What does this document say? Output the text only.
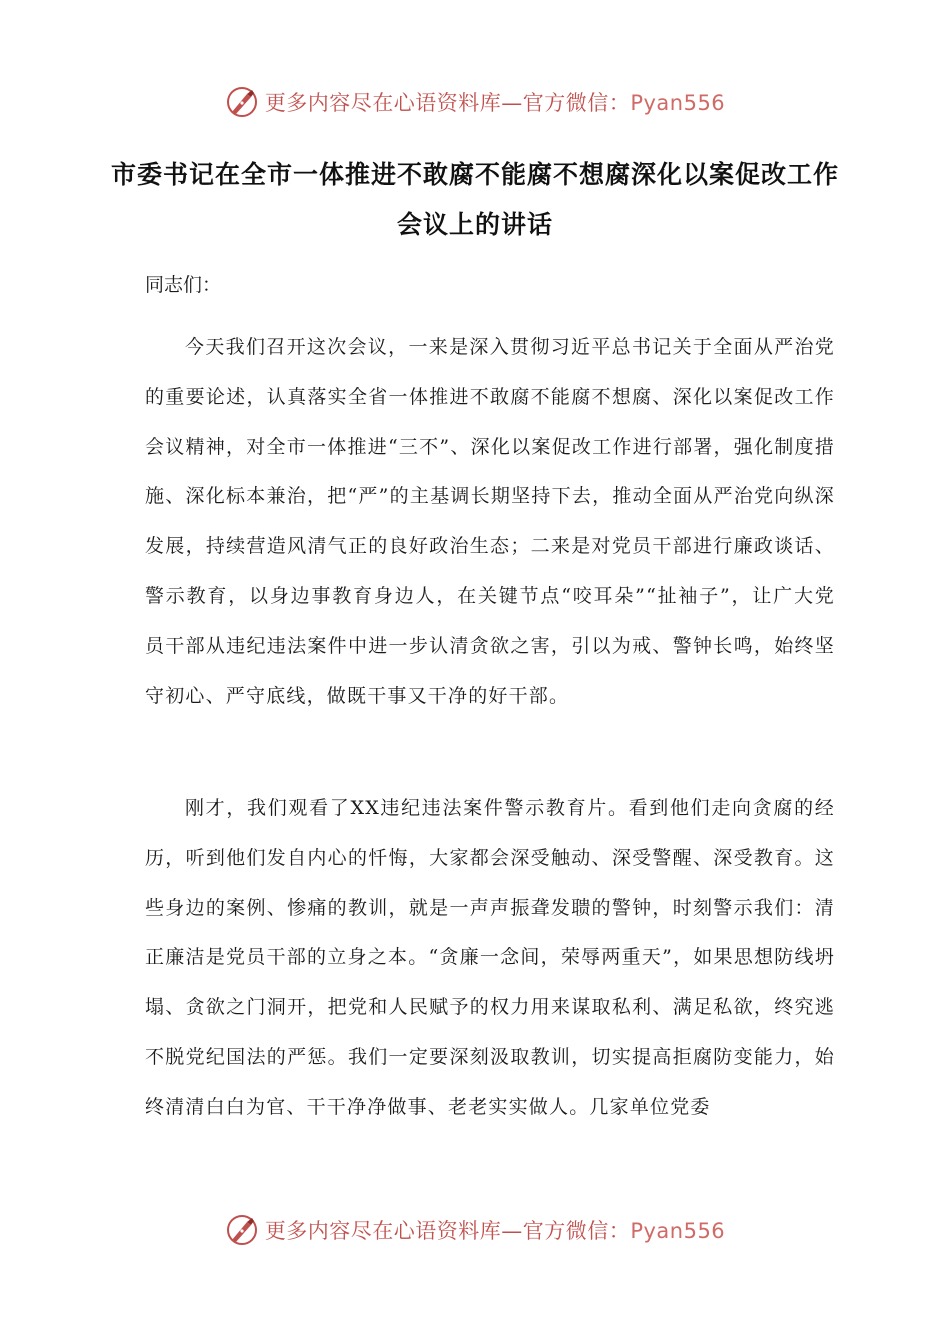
更多内容尽在心语资料库—官方微信：Pyan556
市委书记在全市一体推进不敢腐不能腐不想腐深化以案促改工作会议上的讲话
同志们：
今天我们召开这次会议，一来是深入贯彻习近平总书记关于全面从严治党的重要论述，认真落实全省一体推进不敢腐不能腐不想腐、深化以案促改工作会议精神，对全市一体推进“三不”、深化以案促改工作进行部署，强化制度措施、深化标本兼治，把“严”的主基调长期坚持下去，推动全面从严治党向纵深发展，持续营造风清气正的良好政治生态；二来是对党员干部进行廉政谈话、警示教育，以身边事教育身边人，在关键节点“咬耳朵”“扯袖子”，让广大党员干部从违纪违法案件中进一步认清贪欲之害，引以为戒、警钟长鸣，始终坚守初心、严守底线，做既干事又干净的好干部。
刚才，我们观看了XX违纪违法案件警示教育片。看到他们走向贪腐的经历，听到他们发自内心的忏悔，大家都会深受触动、深受警醒、深受教育。这些身边的案例、惨痛的教训，就是一声声振聋发聩的警钟，时刻警示我们：清正廉洁是党员干部的立身之本。“贪廉一念间，荣辱两重天”，如果思想防线坍塌、贪欲之门洞开，把党和人民赋予的权力用来谋取私利、满足私欲，终究逃不脱党纪国法的严惩。我们一定要深刻汲取教训，切实提高拒腐防变能力，始终清清白白为官、干干净净做事、老老实实做人。几家单位党委
更多内容尽在心语资料库—官方微信：Pyan556
